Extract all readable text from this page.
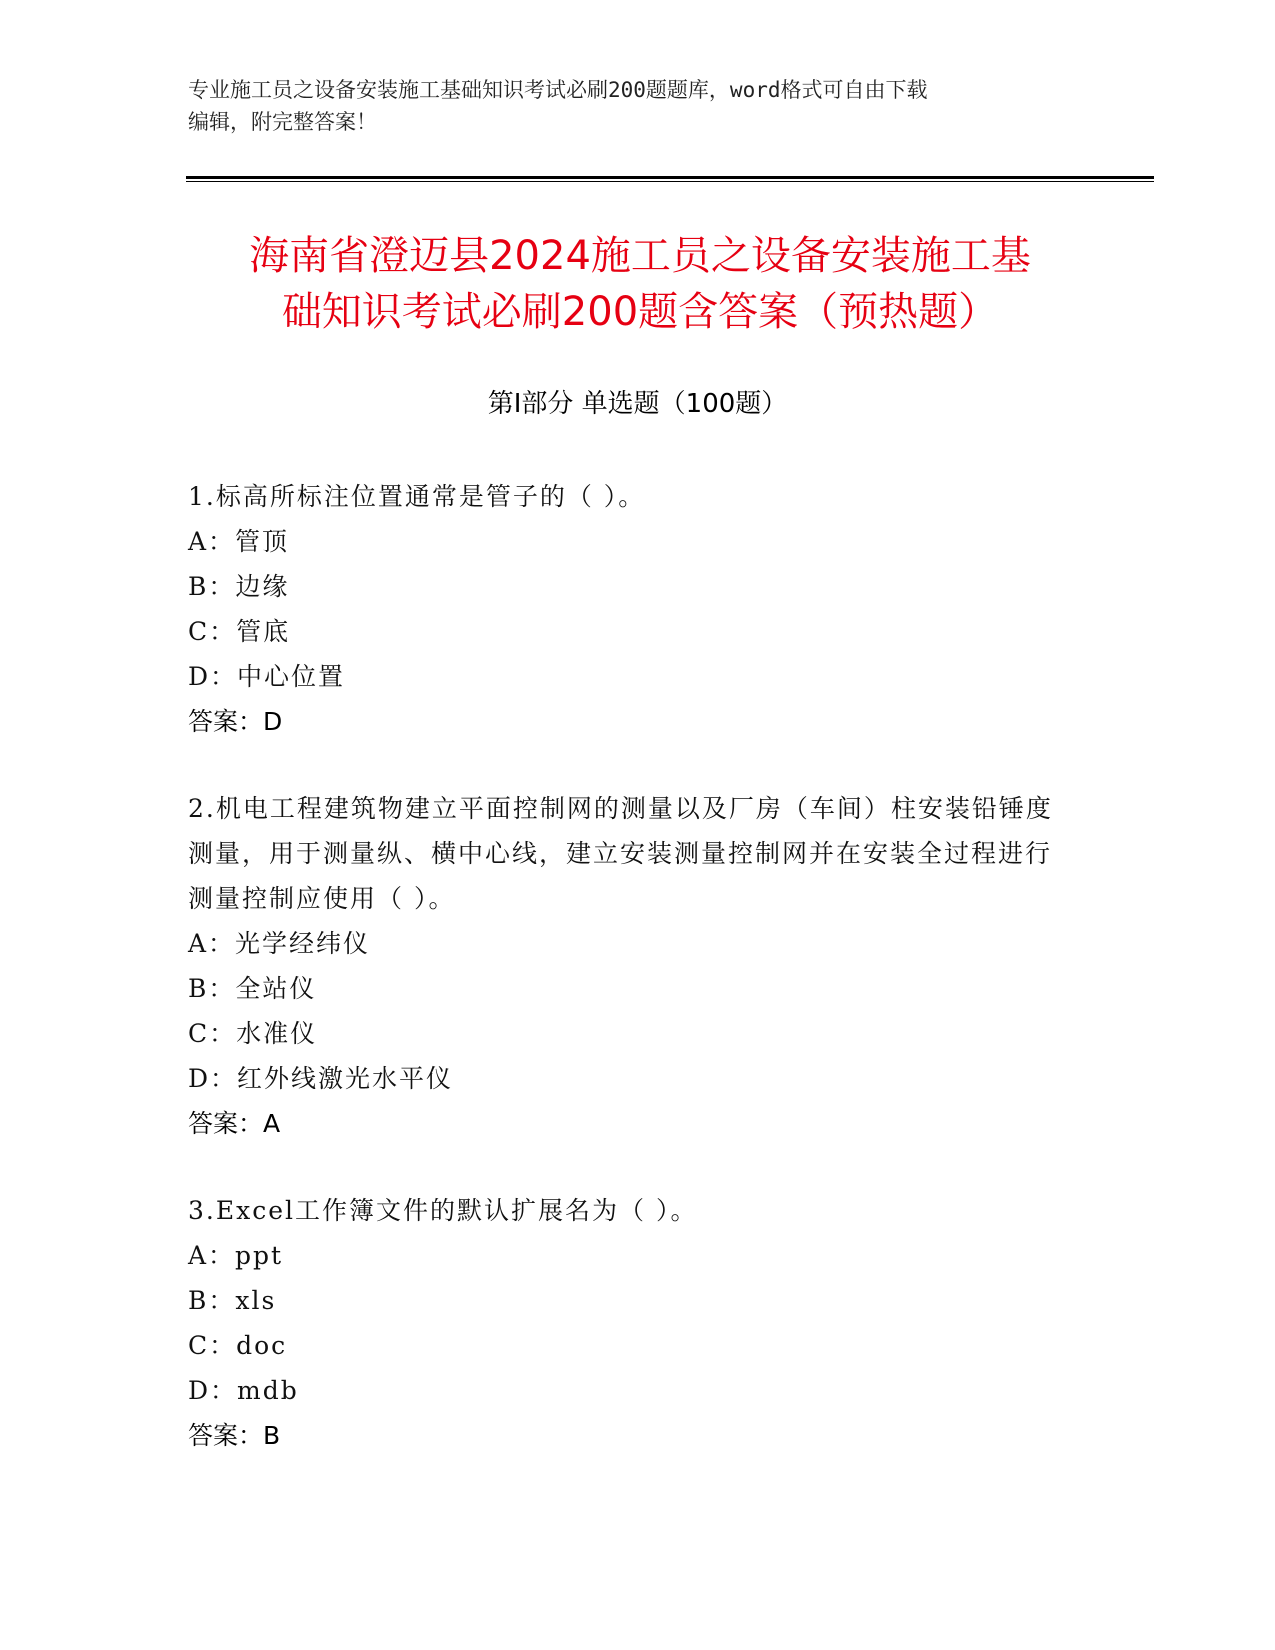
专业施工员之设备安装施工基础知识考试必刷200题题库，word格式可自由下载
编辑，附完整答案！
海南省澄迈县2024施工员之设备安装施工基
础知识考试必刷200题含答案（预热题）
第Ⅰ部分 单选题（100题）
1.标高所标注位置通常是管子的（ ）。
A：管顶
B：边缘
C：管底
D：中心位置
答案：D
2.机电工程建筑物建立平面控制网的测量以及厂房（车间）柱安装铅锤度测量，用于测量纵、横中心线，建立安装测量控制网并在安装全过程进行测量控制应使用（ ）。
A：光学经纬仪
B：全站仪
C：水准仪
D：红外线激光水平仪
答案：A
3.Excel工作簿文件的默认扩展名为（ ）。
A：ppt
B：xls
C：doc
D：mdb
答案：B
